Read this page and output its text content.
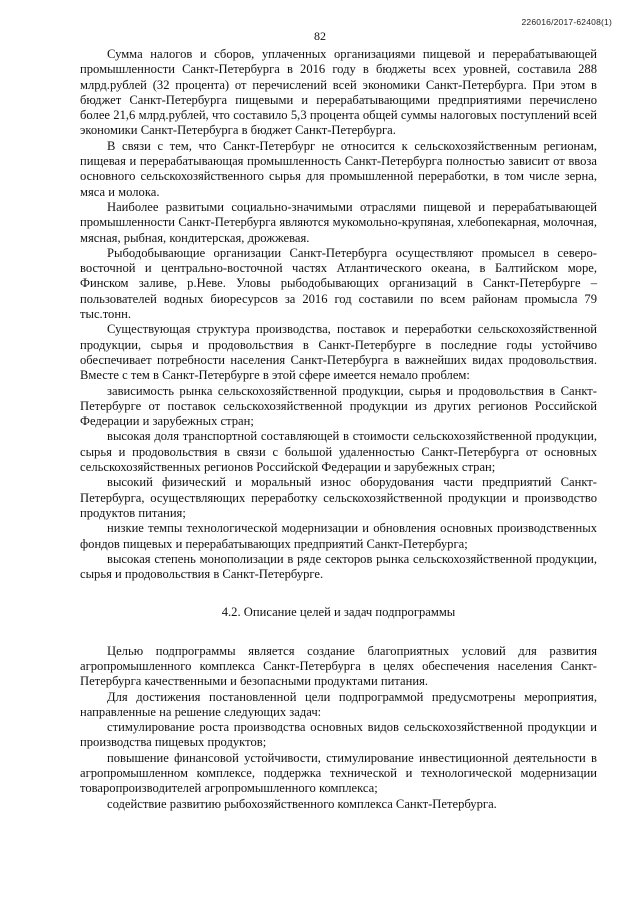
226016/2017-62408(1)
82

Сумма налогов и сборов, уплаченных организациями пищевой и перерабатывающей промышленности Санкт-Петербурга в 2016 году в бюджеты всех уровней, составила 288 млрд.рублей (32 процента) от перечислений всей экономики Санкт-Петербурга. При этом в бюджет Санкт-Петербурга пищевыми и перерабатывающими предприятиями перечислено более 21,6 млрд.рублей, что составило 5,3 процента общей суммы налоговых поступлений всей экономики Санкт-Петербурга в бюджет Санкт-Петербурга.

В связи с тем, что Санкт-Петербург не относится к сельскохозяйственным регионам, пищевая и перерабатывающая промышленность Санкт-Петербурга полностью зависит от ввоза основного сельскохозяйственного сырья для промышленной переработки, в том числе зерна, мяса и молока.

Наиболее развитыми социально-значимыми отраслями пищевой и перерабатывающей промышленности Санкт-Петербурга являются мукомольно-крупяная, хлебопекарная, молочная, мясная, рыбная, кондитерская, дрожжевая.

Рыбодобывающие организации Санкт-Петербурга осуществляют промысел в северо-восточной и центрально-восточной частях Атлантического океана, в Балтийском море, Финском заливе, р.Неве. Уловы рыбодобывающих организаций в Санкт-Петербурге – пользователей водных биоресурсов за 2016 год составили по всем районам промысла 79 тыс.тонн.

Существующая структура производства, поставок и переработки сельскохозяйственной продукции, сырья и продовольствия в Санкт-Петербурге в последние годы устойчиво обеспечивает потребности населения Санкт-Петербурга в важнейших видах продовольствия. Вместе с тем в Санкт-Петербурге в этой сфере имеется немало проблем:

зависимость рынка сельскохозяйственной продукции, сырья и продовольствия в Санкт-Петербурге от поставок сельскохозяйственной продукции из других регионов Российской Федерации и зарубежных стран;

высокая доля транспортной составляющей в стоимости сельскохозяйственной продукции, сырья и продовольствия в связи с большой удаленностью Санкт-Петербурга от основных сельскохозяйственных регионов Российской Федерации и зарубежных стран;

высокий физический и моральный износ оборудования части предприятий Санкт-Петербурга, осуществляющих переработку сельскохозяйственной продукции и производство продуктов питания;

низкие темпы технологической модернизации и обновления основных производственных фондов пищевых и перерабатывающих предприятий Санкт-Петербурга;

высокая степень монополизации в ряде секторов рынка сельскохозяйственной продукции, сырья и продовольствия в Санкт-Петербурге.

4.2. Описание целей и задач подпрограммы

Целью подпрограммы является создание благоприятных условий для развития агропромышленного комплекса Санкт-Петербурга в целях обеспечения населения Санкт-Петербурга качественными и безопасными продуктами питания.

Для достижения постановленной цели подпрограммой предусмотрены мероприятия, направленные на решение следующих задач:

стимулирование роста производства основных видов сельскохозяйственной продукции и производства пищевых продуктов;

повышение финансовой устойчивости, стимулирование инвестиционной деятельности в агропромышленном комплексе, поддержка технической и технологической модернизации товаропроизводителей агропромышленного комплекса;

содействие развитию рыбохозяйственного комплекса Санкт-Петербурга.
